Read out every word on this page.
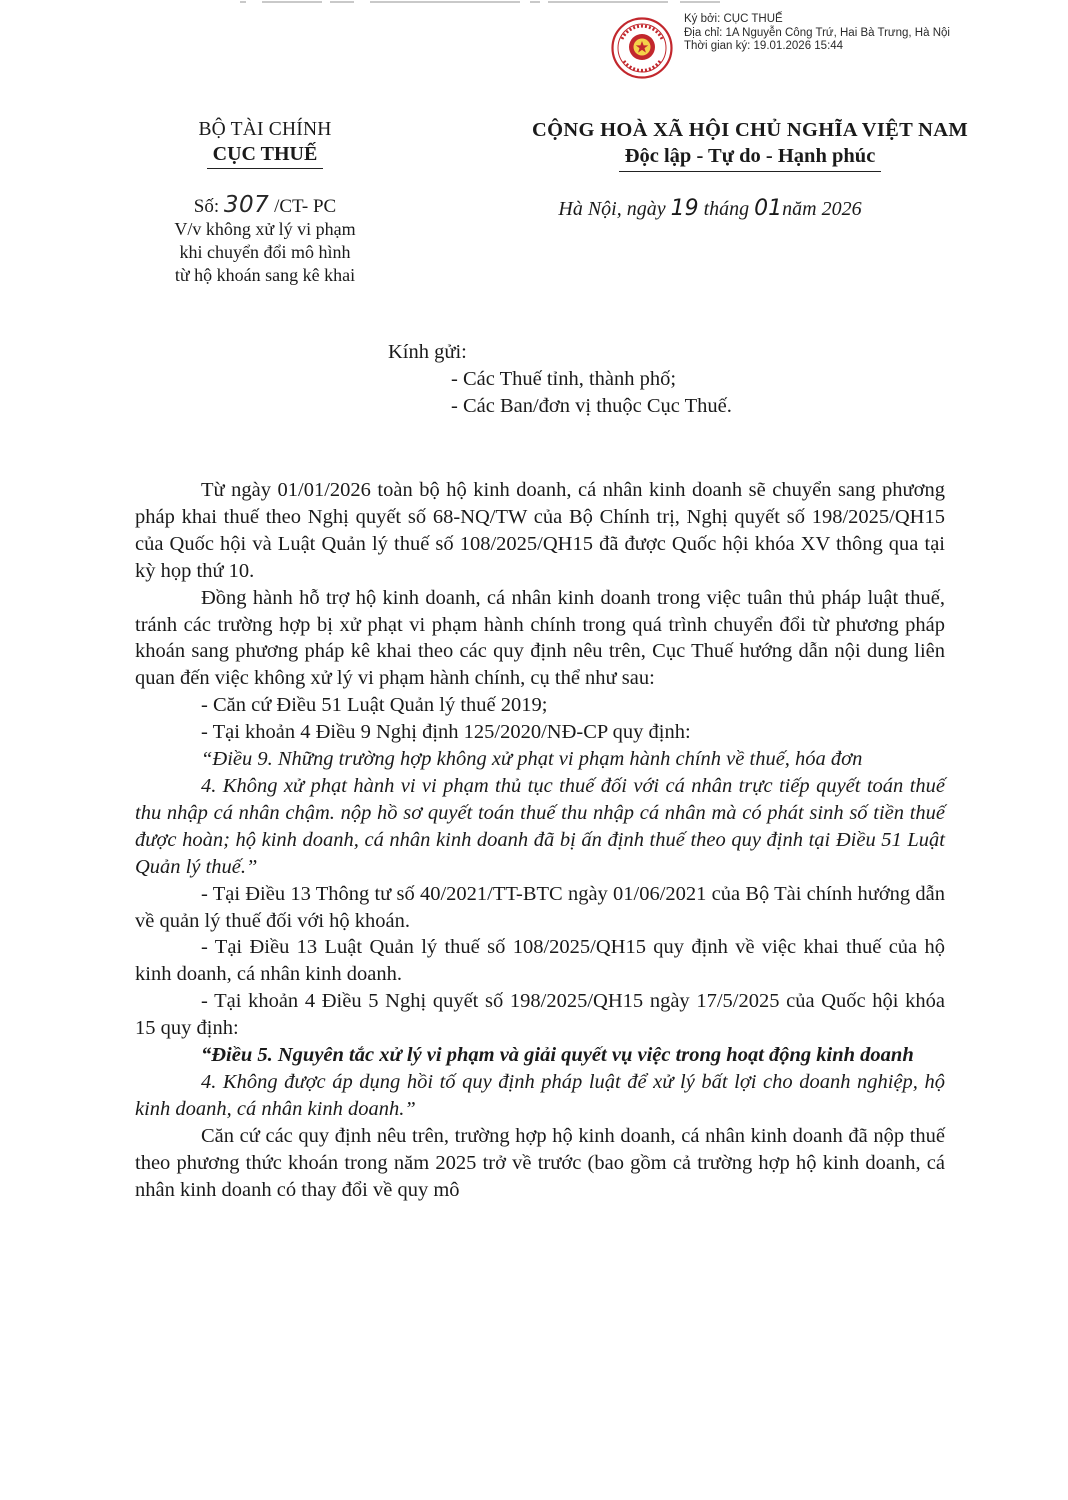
Ký bởi: CỤC THUẾ
Địa chỉ: 1A Nguyễn Công Trứ, Hai Bà Trưng, Hà Nội
Thời gian ký: 19.01.2026 15:44
BỘ TÀI CHÍNH
CỤC THUẾ
CỘNG HOÀ XÃ HỘI CHỦ NGHĨA VIỆT NAM
Độc lập - Tự do - Hạnh phúc
Số: 307 /CT- PC
V/v không xử lý vi phạm
khi chuyển đổi mô hình
từ hộ khoán sang kê khai
Hà Nội, ngày 19 tháng 01năm 2026
Kính gửi:
- Các Thuế tỉnh, thành phố;
- Các Ban/đơn vị thuộc Cục Thuế.

Từ ngày 01/01/2026 toàn bộ hộ kinh doanh, cá nhân kinh doanh sẽ chuyển sang phương pháp khai thuế theo Nghị quyết số 68-NQ/TW của Bộ Chính trị, Nghị quyết số 198/2025/QH15 của Quốc hội và Luật Quản lý thuế số 108/2025/QH15 đã được Quốc hội khóa XV thông qua tại kỳ họp thứ 10.

Đồng hành hỗ trợ hộ kinh doanh, cá nhân kinh doanh trong việc tuân thủ pháp luật thuế, tránh các trường hợp bị xử phạt vi phạm hành chính trong quá trình chuyển đổi từ phương pháp khoán sang phương pháp kê khai theo các quy định nêu trên, Cục Thuế hướng dẫn nội dung liên quan đến việc không xử lý vi phạm hành chính, cụ thể như sau:

- Căn cứ Điều 51 Luật Quản lý thuế 2019;

- Tại khoản 4 Điều 9 Nghị định 125/2020/NĐ-CP quy định:

“Điều 9. Những trường hợp không xử phạt vi phạm hành chính về thuế, hóa đơn

4. Không xử phạt hành vi vi phạm thủ tục thuế đối với cá nhân trực tiếp quyết toán thuế thu nhập cá nhân chậm. nộp hồ sơ quyết toán thuế thu nhập cá nhân mà có phát sinh số tiền thuế được hoàn; hộ kinh doanh, cá nhân kinh doanh đã bị ấn định thuế theo quy định tại Điều 51 Luật Quản lý thuế.”

- Tại Điều 13 Thông tư số 40/2021/TT-BTC ngày 01/06/2021 của Bộ Tài chính hướng dẫn về quản lý thuế đối với hộ khoán.

- Tại Điều 13 Luật Quản lý thuế số 108/2025/QH15 quy định về việc khai thuế của hộ kinh doanh, cá nhân kinh doanh.

- Tại khoản 4 Điều 5 Nghị quyết số 198/2025/QH15 ngày 17/5/2025 của Quốc hội khóa 15 quy định:

“Điều 5. Nguyên tắc xử lý vi phạm và giải quyết vụ việc trong hoạt động kinh doanh

4. Không được áp dụng hồi tố quy định pháp luật để xử lý bất lợi cho doanh nghiệp, hộ kinh doanh, cá nhân kinh doanh.”

Căn cứ các quy định nêu trên, trường hợp hộ kinh doanh, cá nhân kinh doanh đã nộp thuế theo phương thức khoán trong năm 2025 trở về trước (bao gồm cả trường hợp hộ kinh doanh, cá nhân kinh doanh có thay đổi về quy mô
